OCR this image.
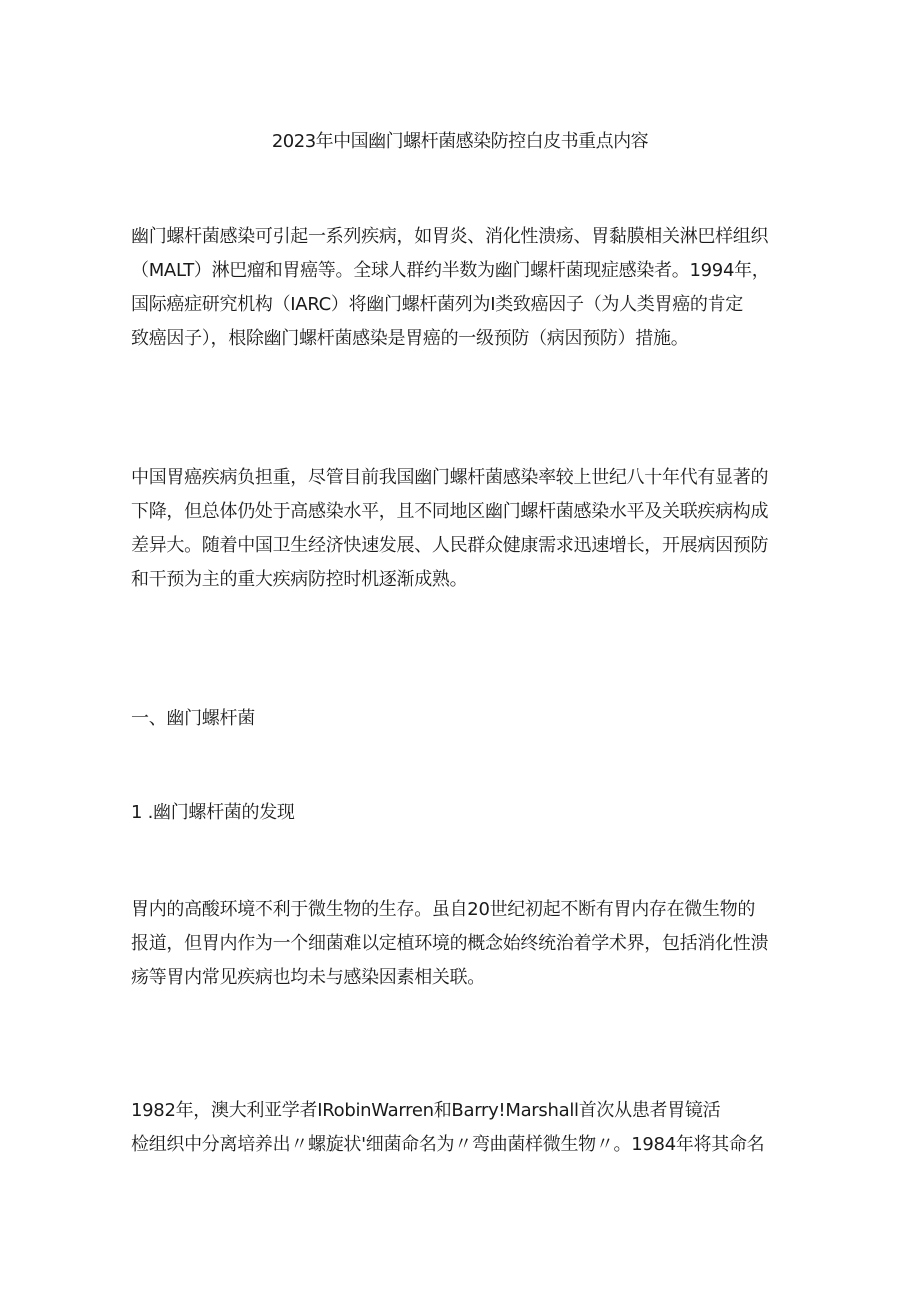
2023年中国幽门螺杆菌感染防控白皮书重点内容

幽门螺杆菌感染可引起一系列疾病，如胃炎、消化性溃疡、胃黏膜相关淋巴样组织
（MALT）淋巴瘤和胃癌等。全球人群约半数为幽门螺杆菌现症感染者。1994年，
国际癌症研究机构（IARC）将幽门螺杆菌列为I类致癌因子（为人类胃癌的肯定
致癌因子），根除幽门螺杆菌感染是胃癌的一级预防（病因预防）措施。

中国胃癌疾病负担重，尽管目前我国幽门螺杆菌感染率较上世纪八十年代有显著的
下降，但总体仍处于高感染水平，且不同地区幽门螺杆菌感染水平及关联疾病构成
差异大。随着中国卫生经济快速发展、人民群众健康需求迅速增长，开展病因预防
和干预为主的重大疾病防控时机逐渐成熟。

一、幽门螺杆菌
1 .幽门螺杆菌的发现

胃内的高酸环境不利于微生物的生存。虽自20世纪初起不断有胃内存在微生物的
报道，但胃内作为一个细菌难以定植环境的概念始终统治着学术界，包括消化性溃
疡等胃内常见疾病也均未与感染因素相关联。

1982年，澳大利亚学者IRobinWarren和Barry!Marshall首次从患者胃镜活
检组织中分离培养出〃螺旋状'细菌命名为〃弯曲菌样微生物〃。1984年将其命名
